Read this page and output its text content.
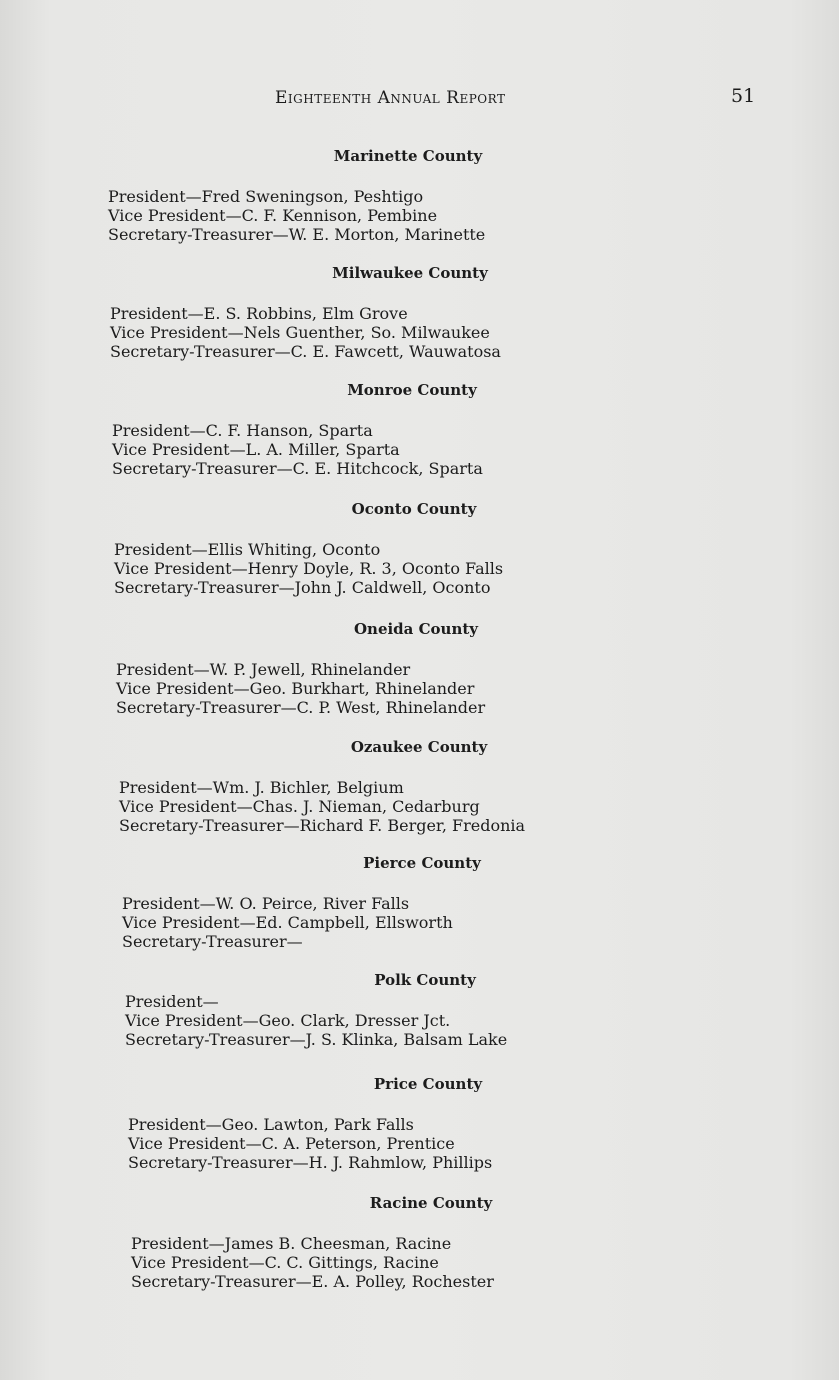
Eighteenth Annual Report	51
Marinette County
President—Fred Sweningson, Peshtigo
Vice President—C. F. Kennison, Pembine
Secretary-Treasurer—W. E. Morton, Marinette
Milwaukee County
President—E. S. Robbins, Elm Grove
Vice President—Nels Guenther, So. Milwaukee
Secretary-Treasurer—C. E. Fawcett, Wauwatosa
Monroe County
President—C. F. Hanson, Sparta
Vice President—L. A. Miller, Sparta
Secretary-Treasurer—C. E. Hitchcock, Sparta
Oconto County
President—Ellis Whiting, Oconto
Vice President—Henry Doyle, R. 3, Oconto Falls
Secretary-Treasurer—John J. Caldwell, Oconto
Oneida County
President—W. P. Jewell, Rhinelander
Vice President—Geo. Burkhart, Rhinelander
Secretary-Treasurer—C. P. West, Rhinelander
Ozaukee County
President—Wm. J. Bichler, Belgium
Vice President—Chas. J. Nieman, Cedarburg
Secretary-Treasurer—Richard F. Berger, Fredonia
Pierce County
President—W. O. Peirce, River Falls
Vice President—Ed. Campbell, Ellsworth
Secretary-Treasurer—
Polk County
President—
Vice President—Geo. Clark, Dresser Jct.
Secretary-Treasurer—J. S. Klinka, Balsam Lake
Price County
President—Geo. Lawton, Park Falls
Vice President—C. A. Peterson, Prentice
Secretary-Treasurer—H. J. Rahmlow, Phillips
Racine County
President—James B. Cheesman, Racine
Vice President—C. C. Gittings, Racine
Secretary-Treasurer—E. A. Polley, Rochester
